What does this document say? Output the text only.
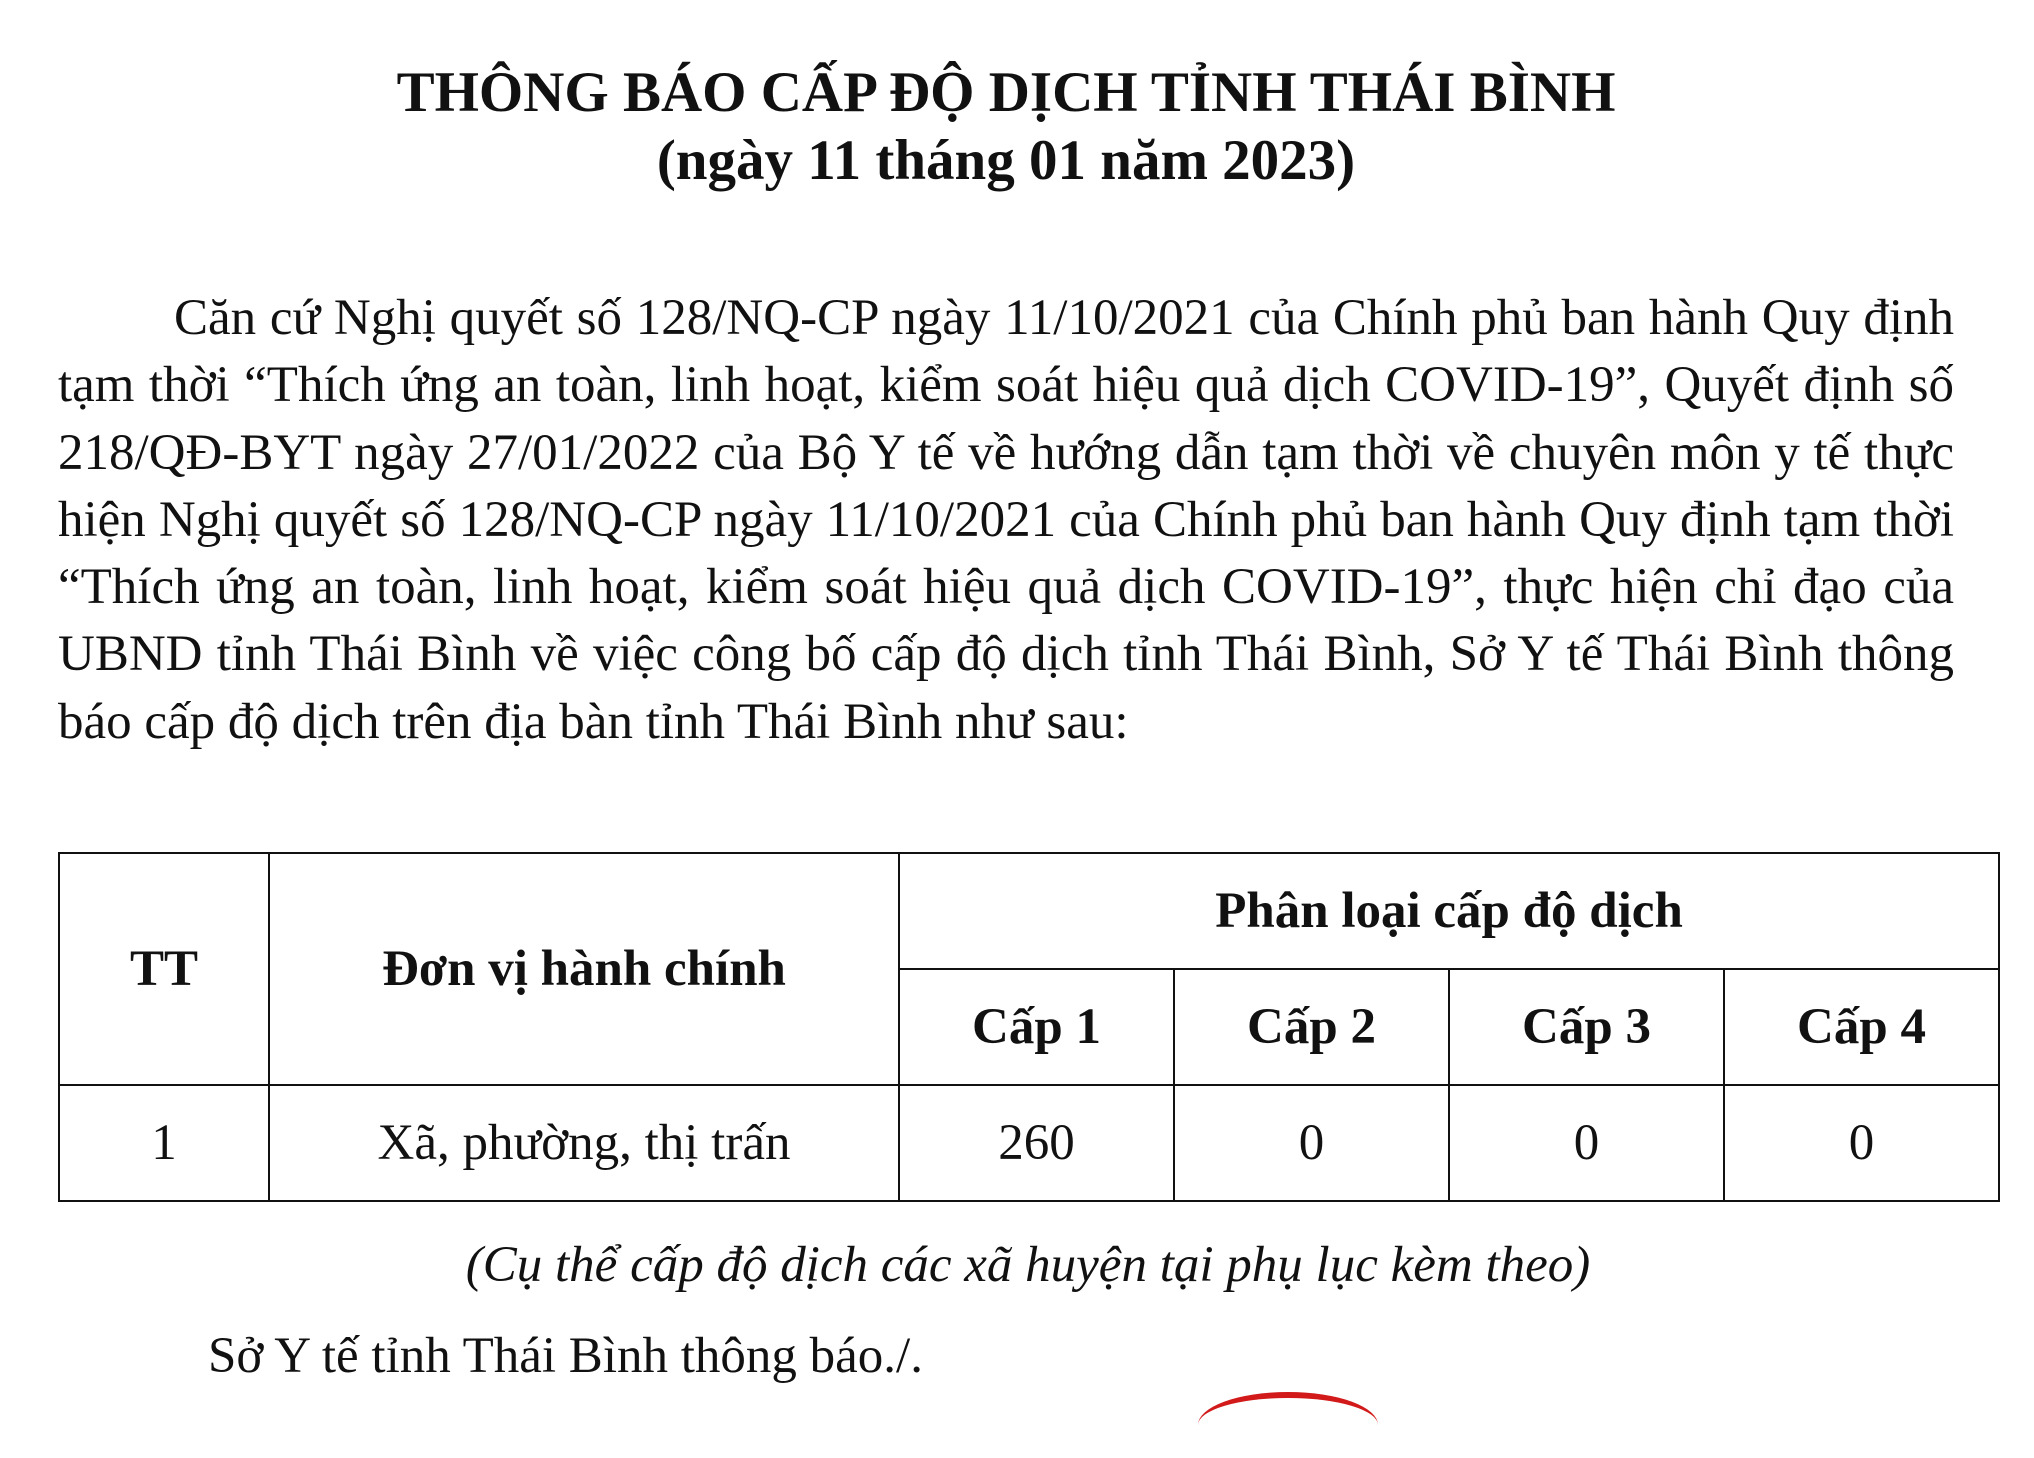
THÔNG BÁO CẤP ĐỘ DỊCH TỈNH THÁI BÌNH
(ngày 11 tháng 01 năm 2023)

Căn cứ Nghị quyết số 128/NQ-CP ngày 11/10/2021 của Chính phủ ban hành Quy định tạm thời “Thích ứng an toàn, linh hoạt, kiểm soát hiệu quả dịch COVID-19”, Quyết định số 218/QĐ-BYT ngày 27/01/2022 của Bộ Y tế về hướng dẫn tạm thời về chuyên môn y tế thực hiện Nghị quyết số 128/NQ-CP ngày 11/10/2021 của Chính phủ ban hành Quy định tạm thời “Thích ứng an toàn, linh hoạt, kiểm soát hiệu quả dịch COVID-19”, thực hiện chỉ đạo của UBND tỉnh Thái Bình về việc công bố cấp độ dịch tỉnh Thái Bình, Sở Y tế Thái Bình thông báo cấp độ dịch trên địa bàn tỉnh Thái Bình như sau:

TT	Đơn vị hành chính	Phân loại cấp độ dịch			
		Cấp 1	Cấp 2	Cấp 3	Cấp 4
1	Xã, phường, thị trấn	260	0	0	0

(Cụ thể cấp độ dịch các xã huyện tại phụ lục kèm theo)

Sở Y tế tỉnh Thái Bình thông báo./.
